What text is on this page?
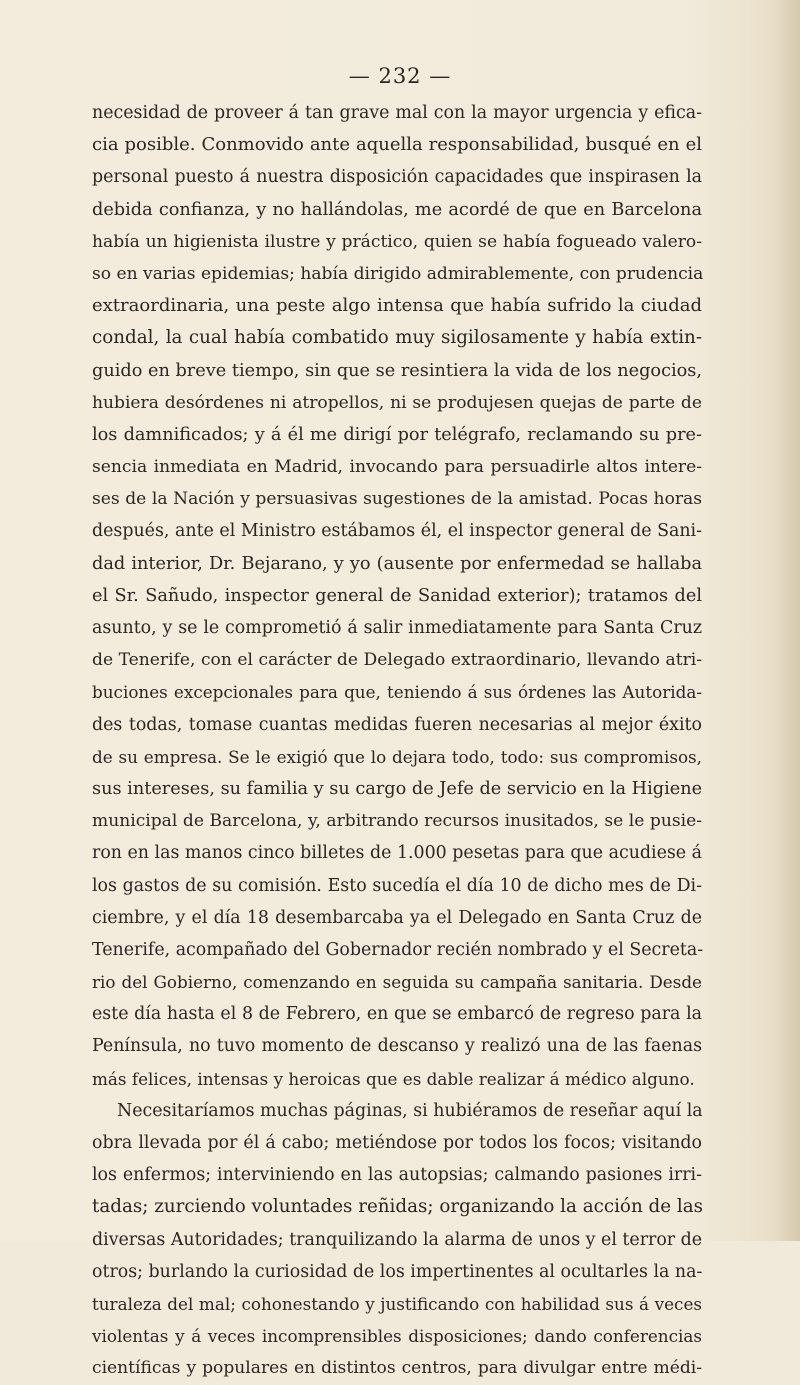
— 232 —
necesidad de proveer á tan grave mal con la mayor urgencia y efica-
cia posible. Conmovido ante aquella responsabilidad, busqué en el
personal puesto á nuestra disposición capacidades que inspirasen la
debida confianza, y no hallándolas, me acordé de que en Barcelona
había un higienista ilustre y práctico, quien se había fogueado valero-
so en varias epidemias; había dirigido admirablemente, con prudencia
extraordinaria, una peste algo intensa que había sufrido la ciudad
condal, la cual había combatido muy sigilosamente y había extin-
guido en breve tiempo, sin que se resintiera la vida de los negocios,
hubiera desórdenes ni atropellos, ni se produjesen quejas de parte de
los damnificados; y á él me dirigí por telégrafo, reclamando su pre-
sencia inmediata en Madrid, invocando para persuadirle altos intere-
ses de la Nación y persuasivas sugestiones de la amistad. Pocas horas
después, ante el Ministro estábamos él, el inspector general de Sani-
dad interior, Dr. Bejarano, y yo (ausente por enfermedad se hallaba
el Sr. Sañudo, inspector general de Sanidad exterior); tratamos del
asunto, y se le comprometió á salir inmediatamente para Santa Cruz
de Tenerife, con el carácter de Delegado extraordinario, llevando atri-
buciones excepcionales para que, teniendo á sus órdenes las Autorida-
des todas, tomase cuantas medidas fueren necesarias al mejor éxito
de su empresa. Se le exigió que lo dejara todo, todo: sus compromisos,
sus intereses, su familia y su cargo de Jefe de servicio en la Higiene
municipal de Barcelona, y, arbitrando recursos inusitados, se le pusie-
ron en las manos cinco billetes de 1.000 pesetas para que acudiese á
los gastos de su comisión. Esto sucedía el día 10 de dicho mes de Di-
ciembre, y el día 18 desembarcaba ya el Delegado en Santa Cruz de
Tenerife, acompañado del Gobernador recién nombrado y el Secreta-
rio del Gobierno, comenzando en seguida su campaña sanitaria. Desde
este día hasta el 8 de Febrero, en que se embarcó de regreso para la
Península, no tuvo momento de descanso y realizó una de las faenas
más felices, intensas y heroicas que es dable realizar á médico alguno.
Necesitaríamos muchas páginas, si hubiéramos de reseñar aquí la
obra llevada por él á cabo; metiéndose por todos los focos; visitando
los enfermos; interviniendo en las autopsias; calmando pasiones irri-
tadas; zurciendo voluntades reñidas; organizando la acción de las
diversas Autoridades; tranquilizando la alarma de unos y el terror de
otros; burlando la curiosidad de los impertinentes al ocultarles la na-
turaleza del mal; cohonestando y justificando con habilidad sus á veces
violentas y á veces incomprensibles disposiciones; dando conferencias
científicas y populares en distintos centros, para divulgar entre médi-
